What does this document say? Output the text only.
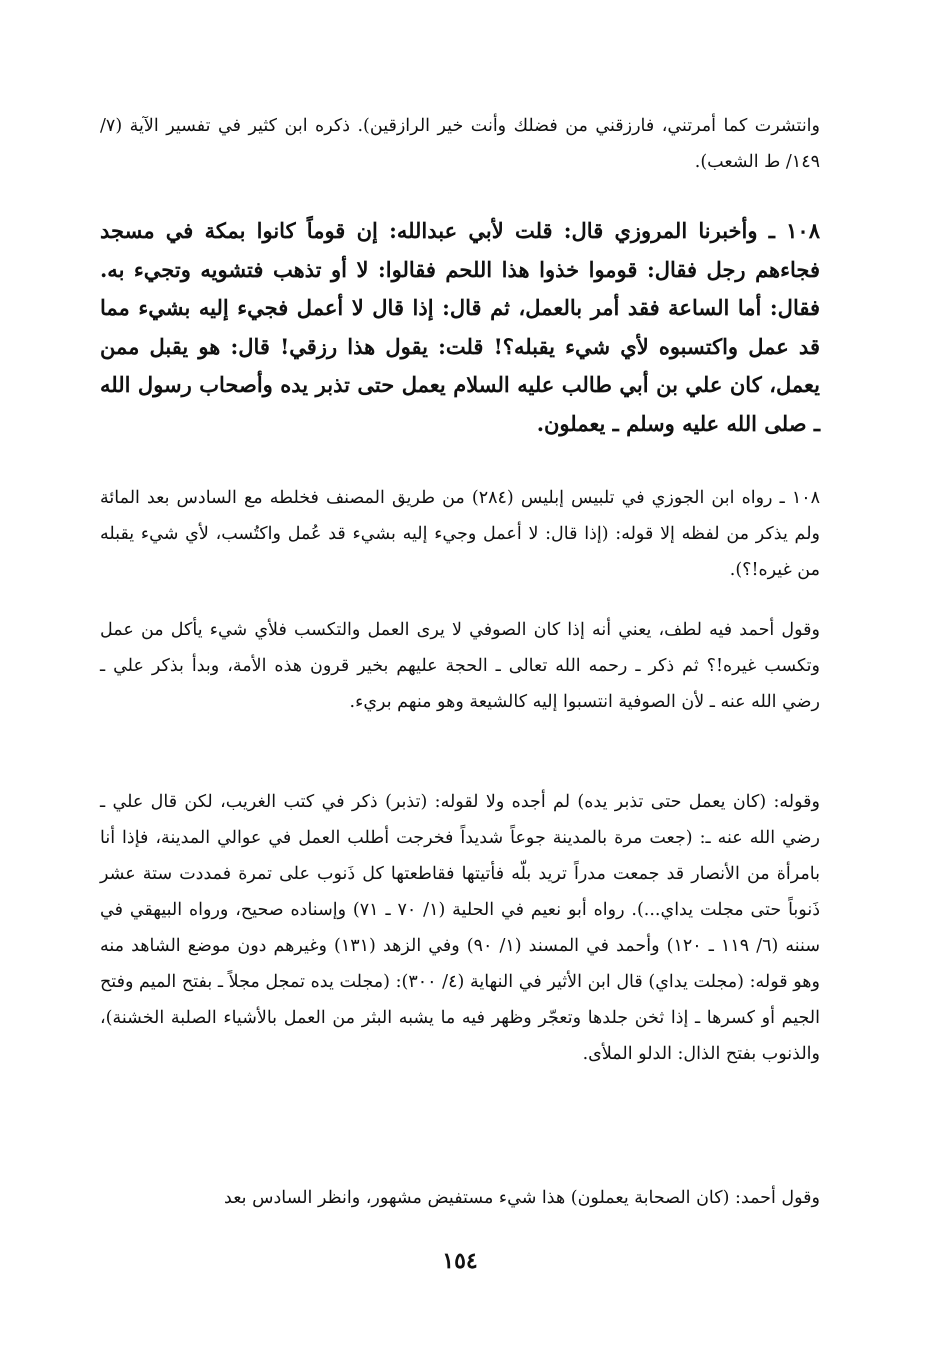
وانتشرت كما أمرتني، فارزقني من فضلك وأنت خير الرازقين). ذكره ابن كثير في تفسير الآية (٧/ ١٤٩/ ط الشعب).

١٠٨ ـ وأخبرنا المروزي قال: قلت لأبي عبدالله: إن قوماً كانوا بمكة في مسجد فجاءهم رجل فقال: قوموا خذوا هذا اللحم فقالوا: لا أو تذهب فتشويه وتجيء به. فقال: أما الساعة فقد أمر بالعمل، ثم قال: إذا قال لا أعمل فجيء إليه بشيء مما قد عمل واكتسبوه لأي شيء يقبله؟! قلت: يقول هذا رزقي! قال: هو يقبل ممن يعمل، كان علي بن أبي طالب عليه السلام يعمل حتى تذبر يده وأصحاب رسول الله ـ صلى الله عليه وسلم ـ يعملون.

١٠٨ ـ رواه ابن الجوزي في تلبيس إبليس (٢٨٤) من طريق المصنف فخلطه مع السادس بعد المائة ولم يذكر من لفظه إلا قوله: (إذا قال: لا أعمل وجيء إليه بشيء قد عُمل واكتُسب، لأي شيء يقبله من غيره!؟).

وقول أحمد فيه لطف، يعني أنه إذا كان الصوفي لا يرى العمل والتكسب فلأي شيء يأكل من عمل وتكسب غيره!؟ ثم ذكر ـ رحمه الله تعالى ـ الحجة عليهم بخير قرون هذه الأمة، وبدأ بذكر علي ـ رضي الله عنه ـ لأن الصوفية انتسبوا إليه كالشيعة وهو منهم بريء.

وقوله: (كان يعمل حتى تذبر يده) لم أجده ولا لقوله: (تذبر) ذكر في كتب الغريب، لكن قال علي ـ رضي الله عنه ـ: (جعت مرة بالمدينة جوعاً شديداً فخرجت أطلب العمل في عوالي المدينة، فإذا أنا بامرأة من الأنصار قد جمعت مدراً تريد بلّه فأتيتها فقاطعتها كل ذَنوب على تمرة فمددت ستة عشر ذَنوباً حتى مجلت يداي...). رواه أبو نعيم في الحلية (١/ ٧٠ ـ ٧١) وإسناده صحيح، ورواه البيهقي في سننه (٦/ ١١٩ ـ ١٢٠) وأحمد في المسند (١/ ٩٠) وفي الزهد (١٣١) وغيرهم دون موضع الشاهد منه وهو قوله: (مجلت يداي) قال ابن الأثير في النهاية (٤/ ٣٠٠): (مجلت يده تمجل مجلاً ـ بفتح الميم وفتح الجيم أو كسرها ـ إذا ثخن جلدها وتعجّر وظهر فيه ما يشبه البثر من العمل بالأشياء الصلبة الخشنة)، والذنوب بفتح الذال: الدلو الملأى.

وقول أحمد: (كان الصحابة يعملون) هذا شيء مستفيض مشهور، وانظر السادس بعد

١٥٤
